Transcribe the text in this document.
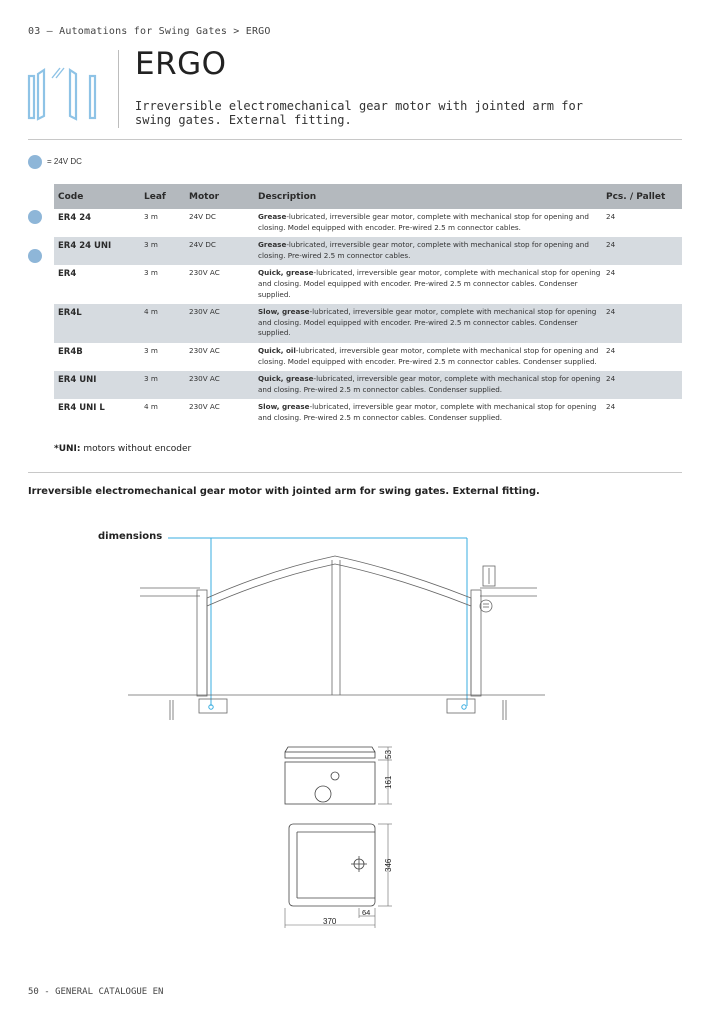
03 — Automations for Swing Gates > ERGO
ERGO
Irreversible electromechanical gear motor with jointed arm for swing gates. External fitting.
= 24V DC
Code	Leaf	Motor	Description	Pcs. / Pallet
ER4 24	3 m	24V DC	Grease-lubricated, irreversible gear motor, complete with mechanical stop for opening and closing. Model equipped with encoder. Pre-wired 2.5 m connector cables.	24
ER4 24 UNI	3 m	24V DC	Grease-lubricated, irreversible gear motor, complete with mechanical stop for opening and closing. Pre-wired 2.5 m connector cables.	24
ER4	3 m	230V AC	Quick, grease-lubricated, irreversible gear motor, complete with mechanical stop for opening and closing. Model equipped with encoder. Pre-wired 2.5 m connector cables. Condenser supplied.	24
ER4L	4 m	230V AC	Slow, grease-lubricated, irreversible gear motor, complete with mechanical stop for opening and closing. Model equipped with encoder. Pre-wired 2.5 m connector cables. Condenser supplied.	24
ER4B	3 m	230V AC	Quick, oil-lubricated, irreversible gear motor, complete with mechanical stop for opening and closing. Model equipped with encoder. Pre-wired 2.5 m connector cables. Condenser supplied.	24
ER4 UNI	3 m	230V AC	Quick, grease-lubricated, irreversible gear motor, complete with mechanical stop for opening and closing. Pre-wired 2.5 m connector cables. Condenser supplied.	24
ER4 UNI L	4 m	230V AC	Slow, grease-lubricated, irreversible gear motor, complete with mechanical stop for opening and closing. Pre-wired 2.5 m connector cables. Condenser supplied.	24
*UNI: motors without encoder
Irreversible electromechanical gear motor with jointed arm for swing gates. External fitting.
dimensions
53
161
346
370
64
50 - GENERAL CATALOGUE EN
